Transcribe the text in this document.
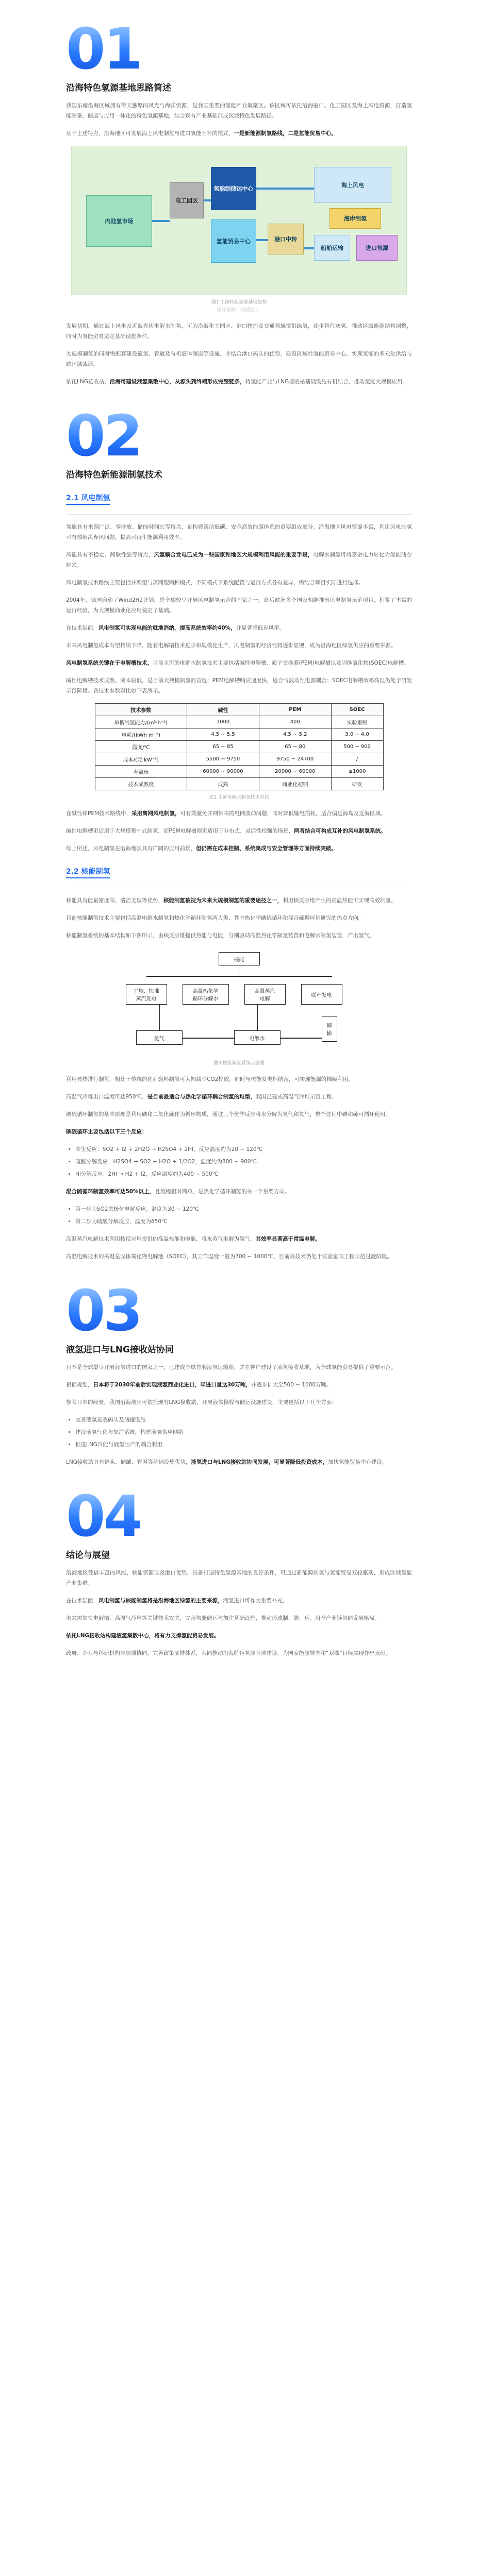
01
沿海特色氢源基地思路简述

我国东南沿海区域拥有得天独厚的风光与海洋资源，是我国重要的氢能产业集聚区。该区域可依托沿海港口、化工园区及海上风电资源，打造氢能制备、储运与应用一体化的特色氢源基地，结合现有产业基础形成区域特色发展路径。

基于上述特点，沿海地区可发展海上风电制氢与进口氢能互补的模式，一是新能源制氢路线，二是氢能贸易中心。

内陆氢市场
电工园区
氢能制储运中心
氢能贸易中心	港口中转
海上风电
海岸制氢
船舶运输	进口氢源
图1 沿海特色氢源基地架构
图片来源：《氢能汇》

发展初期，通过海上风电及近海光伏电解水制氢，可为沿海化工园区、港口物流及交通领域提供绿氢，逐步替代灰氢，推动区域能源结构调整，同时为氢能贸易奠定基础设施条件。

大规模制氢的同时需配套建设液氢、管道及有机液体储运等设施，并结合港口码头的优势，建设区域性氢能贸易中心，实现氢能的多元化供给与跨区域流通。

依托LNG接收站，沿海可建设液氢集散中心，从源头到终端形成完整链条，将氢能产业与LNG接收站基础设施有机结合，推动氢能大规模应用。

02
沿海特色新能源制氢技术
2.1 风电制氢

氢能具有来源广泛、零排放、储能时间长等特点，是构建清洁低碳、安全高效能源体系的重要组成部分。沿海地区风电资源丰富，利用风电制氢可有效解决弃风问题，提高可再生能源利用效率。

风能具有不稳定、间歇性强等特点，风氢耦合发电已成为一些国家和地区大规模利用风能的重要手段，电解水制氢可将富余电力转化为氢能储存起来。

风电制氢技术路线主要包括并网型与离网型两种模式，不同模式下系统配置与运行方式各有差异，需结合项目实际进行选择。

2004年，德国启动了Wind2H2计划，是全球较早开展风电制氢示范的国家之一。此后欧洲多个国家相继推出风电制氢示范项目，积累了丰富的运行经验，为大规模商业化应用奠定了基础。

在技术层面，风电制氢可实现电能的就地消纳，提高系统效率约40%，并显著降低弃风率。

未来风电制氢成本有望持续下降，随着电解槽技术进步和规模化生产，风电制氢的经济性将逐步显现，成为沿海地区绿氢供应的重要来源。

风电制氢系统关键在于电解槽技术，目前主流的电解水制氢技术主要包括碱性电解槽、质子交换膜(PEM)电解槽以及固体氧化物(SOEC)电解槽。

碱性电解槽技术成熟、成本较低，是目前大规模制氢的首选；PEM电解槽响应速度快，适合与波动性电源耦合；SOEC电解槽效率高但仍处于研发示范阶段。各技术参数对比如下表所示。

技术参数	碱性	PEM	SOEC
单槽制氢能力/(m³·h⁻¹)	1000	400	实验室级
电耗/(kWh·m⁻³)	4.5 ~ 5.5	4.5 ~ 5.2	3.0 ~ 4.0
温度/℃	65 ~ 85	65 ~ 80	500 ~ 900
成本/(元·kW⁻¹)	5500 ~ 9750	9750 ~ 24700	/
寿命/h	60000 ~ 90000	20000 ~ 60000	≤1000
技术成熟度	成熟	商业化初期	研发
表1 主流电解水制氢技术对比

在碱性和PEM技术路线中，采用离网风电制氢，可有效避免并网带来的电网波动问题，同时降低输电损耗，适合偏远海岛及近海区域。

碱性电解槽更适用于大规模集中式制氢，而PEM电解槽则更适用于分布式、灵活性较强的场景，两者结合可构成互补的风电制氢系统。

综上所述，风电制氢在沿海地区具有广阔的应用前景，但仍需在成本控制、系统集成与安全管理等方面持续突破。

2.2 核能制氢

核能具有能量密度高、清洁无碳等优势，核能制氢被视为未来大规模制氢的重要途径之一，利用核反应堆产生的高温热能可实现高效制氢。

目前核能制氢技术主要包括高温电解水制氢和热化学循环制氢两大类，其中热化学碘硫循环和混合硫循环是研究的热点方向。

核能制氢系统的基本结构如下图所示，由核反应堆提供热能与电能，分别驱动高温热化学制氢装置和电解水制氢装置，产出氢气。

核能
平堆、快堆
蒸汽发电
高温热化学
循环分解水
高温蒸汽
电解
联产发电
氢气	电解水
储
输
图3 核能制氢系统示意图

利用核热进行制氢，相比于传统的化石燃料制氢可大幅减少CO2排放，同时与核能发电相结合，可实现能源的梯级利用。

高温气冷堆出口温度可达950℃，是目前最适合与热化学循环耦合制氢的堆型，我国已建成高温气冷堆示范工程。

碘硫循环制氢的基本原理是利用碘和二氧化硫作为循环物质，通过三个化学反应将水分解为氢气和氧气，整个过程中碘和硫可循环使用。

碘硫循环主要包括以下三个反应：

• 本生反应：SO2 + I2 + 2H2O → H2SO4 + 2HI，反应温度约为20 ~ 120℃
• 硫酸分解反应：H2SO4 → SO2 + H2O + 1/2O2，温度约为800 ~ 900℃
• HI分解反应：2HI → H2 + I2，反应温度约为400 ~ 500℃

混合硫循环制氢效率可达50%以上，且流程相对简单，是热化学循环制氢的另一个重要方向。

• 第一步为SO2去极化电解反应，温度为30 ~ 120℃
• 第二步为硫酸分解反应，温度为850℃

高温蒸汽电解技术利用核反应堆提供的高温热能和电能，将水蒸气电解为氢气，其效率显著高于常温电解。

高温电解技术的关键是固体氧化物电解池（SOEC），其工作温度一般为700 ~ 1000℃，目前该技术仍处于实验室向工程示范过渡阶段。

03
液氢进口与LNG接收站协同

日本是全球最早开展液氢进口的国家之一，已建成全球首艘液氢运输船，并在神户建设了液氢接收基地，为全球氢能贸易提供了重要示范。

根据规划，日本将于2030年前后实现液氢商业化进口，年进口量达30万吨，并逐步扩大至500 ~ 1000万吨。

参考日本的经验，我国沿海地区可依托现有LNG接收站，开展液氢接收与储运设施建设，主要包括以下几个方面：

• 完善液氢接收码头及储罐设施
• 建设液氢气化与加注系统，构建液氢供应网络
• 推进LNG冷能与液氢生产的耦合利用

LNG接收站具有码头、储罐、管网等基础设施优势，液氢进口与LNG接收站协同发展，可显著降低投资成本，加快氢能贸易中心建设。

04
结论与展望

沿海地区凭借丰富的风能、核能资源以及港口优势，具备打造特色氢源基地的良好条件，可通过新能源制氢与氢能贸易双轮驱动，形成区域氢能产业集群。

在技术层面，风电制氢与核能制氢将是沿海地区绿氢的主要来源，液氢进口可作为重要补充。

未来需加快电解槽、高温气冷堆等关键技术攻关，完善氢能储运与加注基础设施，推动形成制、储、运、用全产业链协同发展格局。

依托LNG接收站构建液氢集散中心，将有力支撑氢能贸易发展。

政府、企业与科研机构应加强协同，完善政策支持体系，共同推动沿海特色氢源基地建设，为国家能源转型和“双碳”目标实现作出贡献。
